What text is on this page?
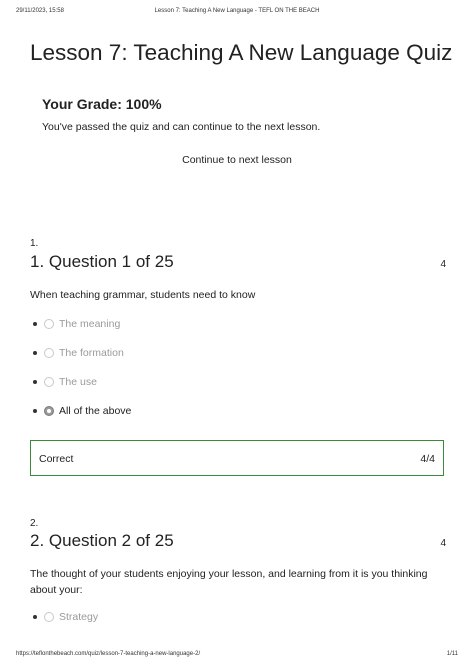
29/11/2023, 15:58	Lesson 7: Teaching A New Language - TEFL ON THE BEACH
Lesson 7: Teaching A New Language Quiz
Your Grade: 100%
You've passed the quiz and can continue to the next lesson.
Continue to next lesson
1.
1. Question 1 of 25	4
When teaching grammar, students need to know
The meaning
The formation
The use
All of the above
Correct	4/4
2.
2. Question 2 of 25	4
The thought of your students enjoying your lesson, and learning from it is you thinking about your:
Strategy
https://teflonthebeach.com/quiz/lesson-7-teaching-a-new-language-2/	1/11
